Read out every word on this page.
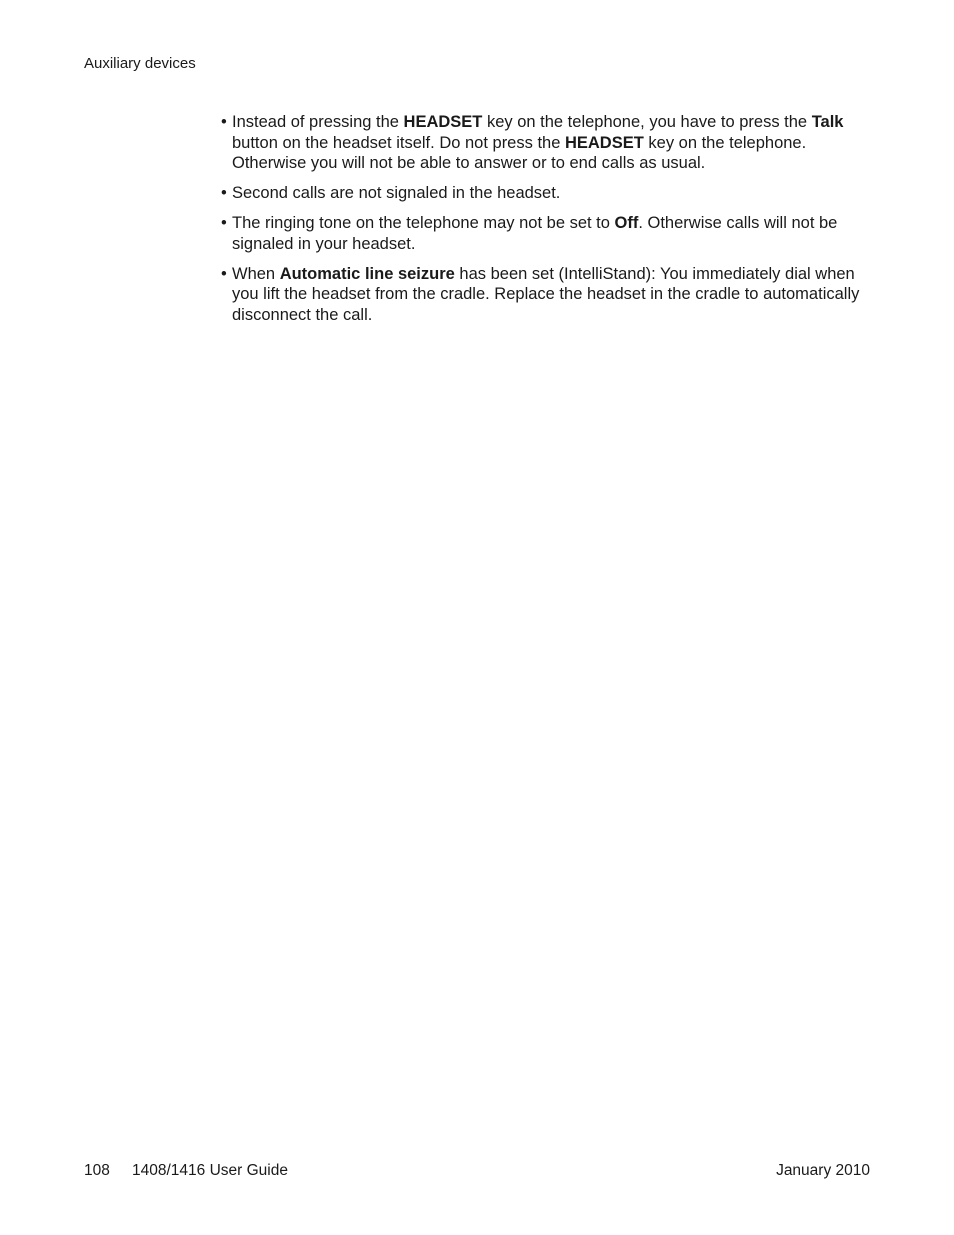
Auxiliary devices
• Instead of pressing the HEADSET key on the telephone, you have to press the Talk button on the headset itself. Do not press the HEADSET key on the telephone. Otherwise you will not be able to answer or to end calls as usual.
• Second calls are not signaled in the headset.
• The ringing tone on the telephone may not be set to Off. Otherwise calls will not be signaled in your headset.
• When Automatic line seizure has been set (IntelliStand): You immediately dial when you lift the headset from the cradle. Replace the headset in the cradle to automatically disconnect the call.
108 1408/1416 User Guide	January 2010
